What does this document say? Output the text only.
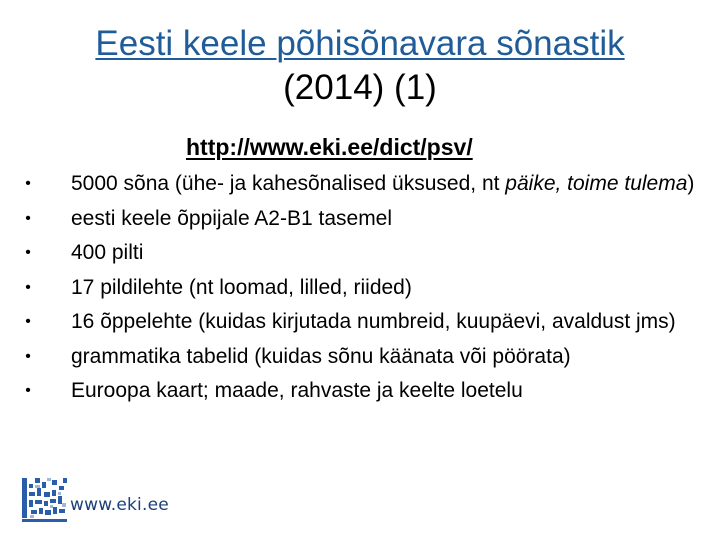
Eesti keele põhisõnavara sõnastik
(2014) (1)
http://www.eki.ee/dict/psv/
•	5000 sõna (ühe- ja kahesõnalised üksused, nt päike, toime tulema)
•	eesti keele õppijale A2-B1 tasemel
•	400 pilti
•	17 pildilehte (nt loomad, lilled, riided)
•	16 õppelehte (kuidas kirjutada numbreid, kuupäevi, avaldust jms)
•	grammatika tabelid (kuidas sõnu käänata või pöörata)
•	Euroopa kaart; maade, rahvaste ja keelte loetelu
www.eki.ee
